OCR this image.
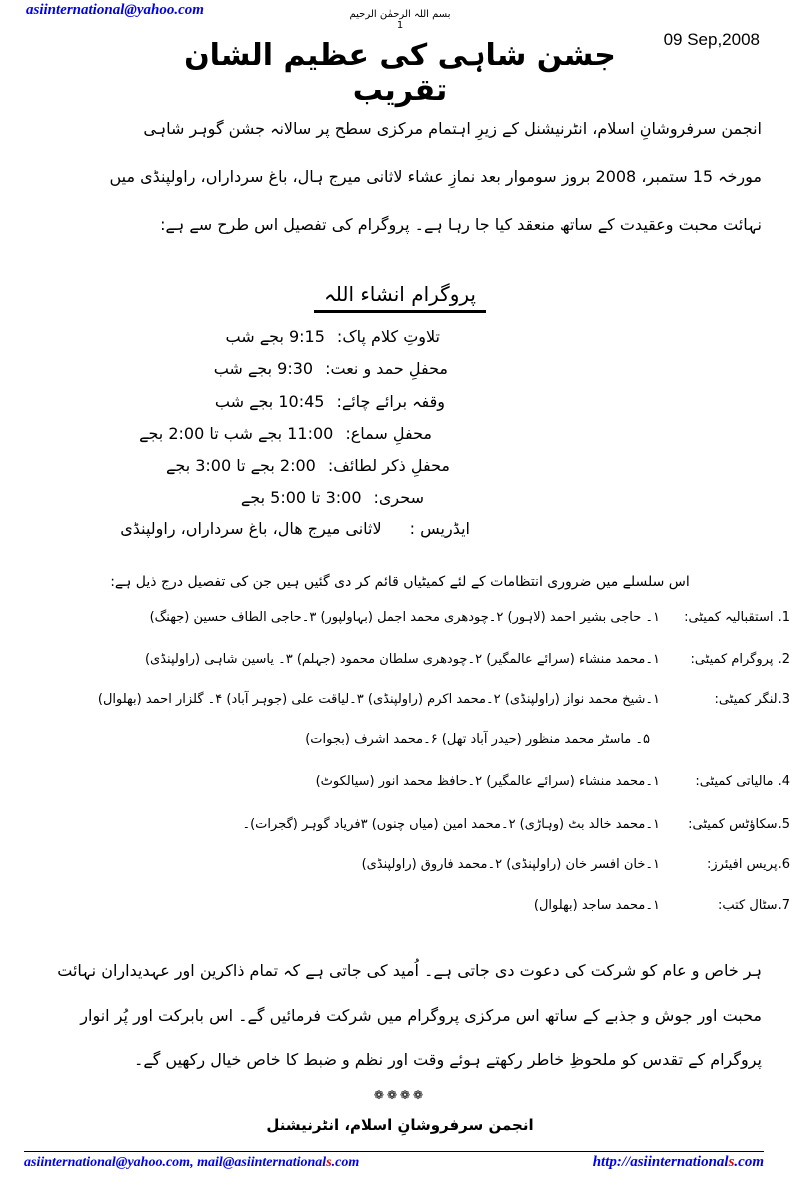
asiinternational@yahoo.com	بسم اللہ الرحمٰن الرحیم
1
09 Sep,2008
جشن شاہی کی عظیم الشان تقریب
انجمن سرفروشانِ اسلام، انٹرنیشنل کے زیرِ اہتمام مرکزی سطح پر سالانہ جشن گوہر شاہی
مورخہ 15 ستمبر، 2008 بروز سوموار بعد نمازِ عشاء لاثانی میرج ہال، باغ سرداراں، راولپنڈی میں
نہائت محبت وعقیدت کے ساتھ منعقد کیا جا رہا ہے۔ پروگرام کی تفصیل اس طرح سے ہے:
پروگرام انشاء اللہ
تلاوتِ کلام پاک:
9:15 بجے شب
محفلِ حمد و نعت:
9:30 بجے شب
وقفہ برائے چائے:
10:45 بجے شب
محفلِ سماع:
11:00 بجے شب تا 2:00 بجے
محفلِ ذکر لطائف:
2:00 بجے تا 3:00 بجے
سحری:
3:00 تا 5:00 بجے
ایڈریس :
لاثانی میرج ھال، باغ سرداراں، راولپنڈی
اس سلسلے میں ضروری انتظامات کے لئے کمیٹیاں قائم کر دی گئیں ہیں جن کی تفصیل درج ذیل ہے:
1. استقبالیہ کمیٹی:
۱۔ حاجی بشیر احمد (لاہور) ۲۔چودھری محمد اجمل (بہاولپور) ۳۔حاجی الطاف حسین (جھنگ)
2. پروگرام کمیٹی:
۱۔محمد منشاء (سرائے عالمگیر) ۲۔چودھری سلطان محمود (جہلم) ۳۔ یاسین شاہی (راولپنڈی)
3.لنگر کمیٹی:
۱۔شیخ محمد نواز (راولپنڈی) ۲۔محمد اکرم (راولپنڈی) ۳۔لیاقت علی (جوہر آباد) ۴۔ گلزار احمد (بھلوال)
۵۔ ماسٹر محمد منظور (حیدر آباد تھل) ۶۔محمد اشرف (بجوات)
4. مالیاتی کمیٹی:
۱۔محمد منشاء (سرائے عالمگیر) ۲۔حافظ محمد انور (سیالکوٹ)
5.سکاؤٹس کمیٹی:
۱۔محمد خالد بٹ (وہاڑی) ۲۔محمد امین (میاں چنوں) ۳فریاد گوہر (گجرات)۔
6.پریس افیئرز:
۱۔خان افسر خان (راولپنڈی) ۲۔محمد فاروق (راولپنڈی)
7.سٹال کتب:
۱۔محمد ساجد (بھلوال)
ہر خاص و عام کو شرکت کی دعوت دی جاتی ہے۔ اُمید کی جاتی ہے کہ تمام ذاکرین اور عہدیداران نہائت
محبت اور جوش و جذبے کے ساتھ اس مرکزی پروگرام میں شرکت فرمائیں گے۔ اس بابرکت اور پُر انوار
پروگرام کے تقدس کو ملحوظِ خاطر رکھتے ہوئے وقت اور نظم و ضبط کا خاص خیال رکھیں گے۔
❁❁❁❁
انجمن سرفروشانِ اسلام، انٹرنیشنل
asiinternational@yahoo.com, mail@asiinternationals.com	http://asiinternationals.com
